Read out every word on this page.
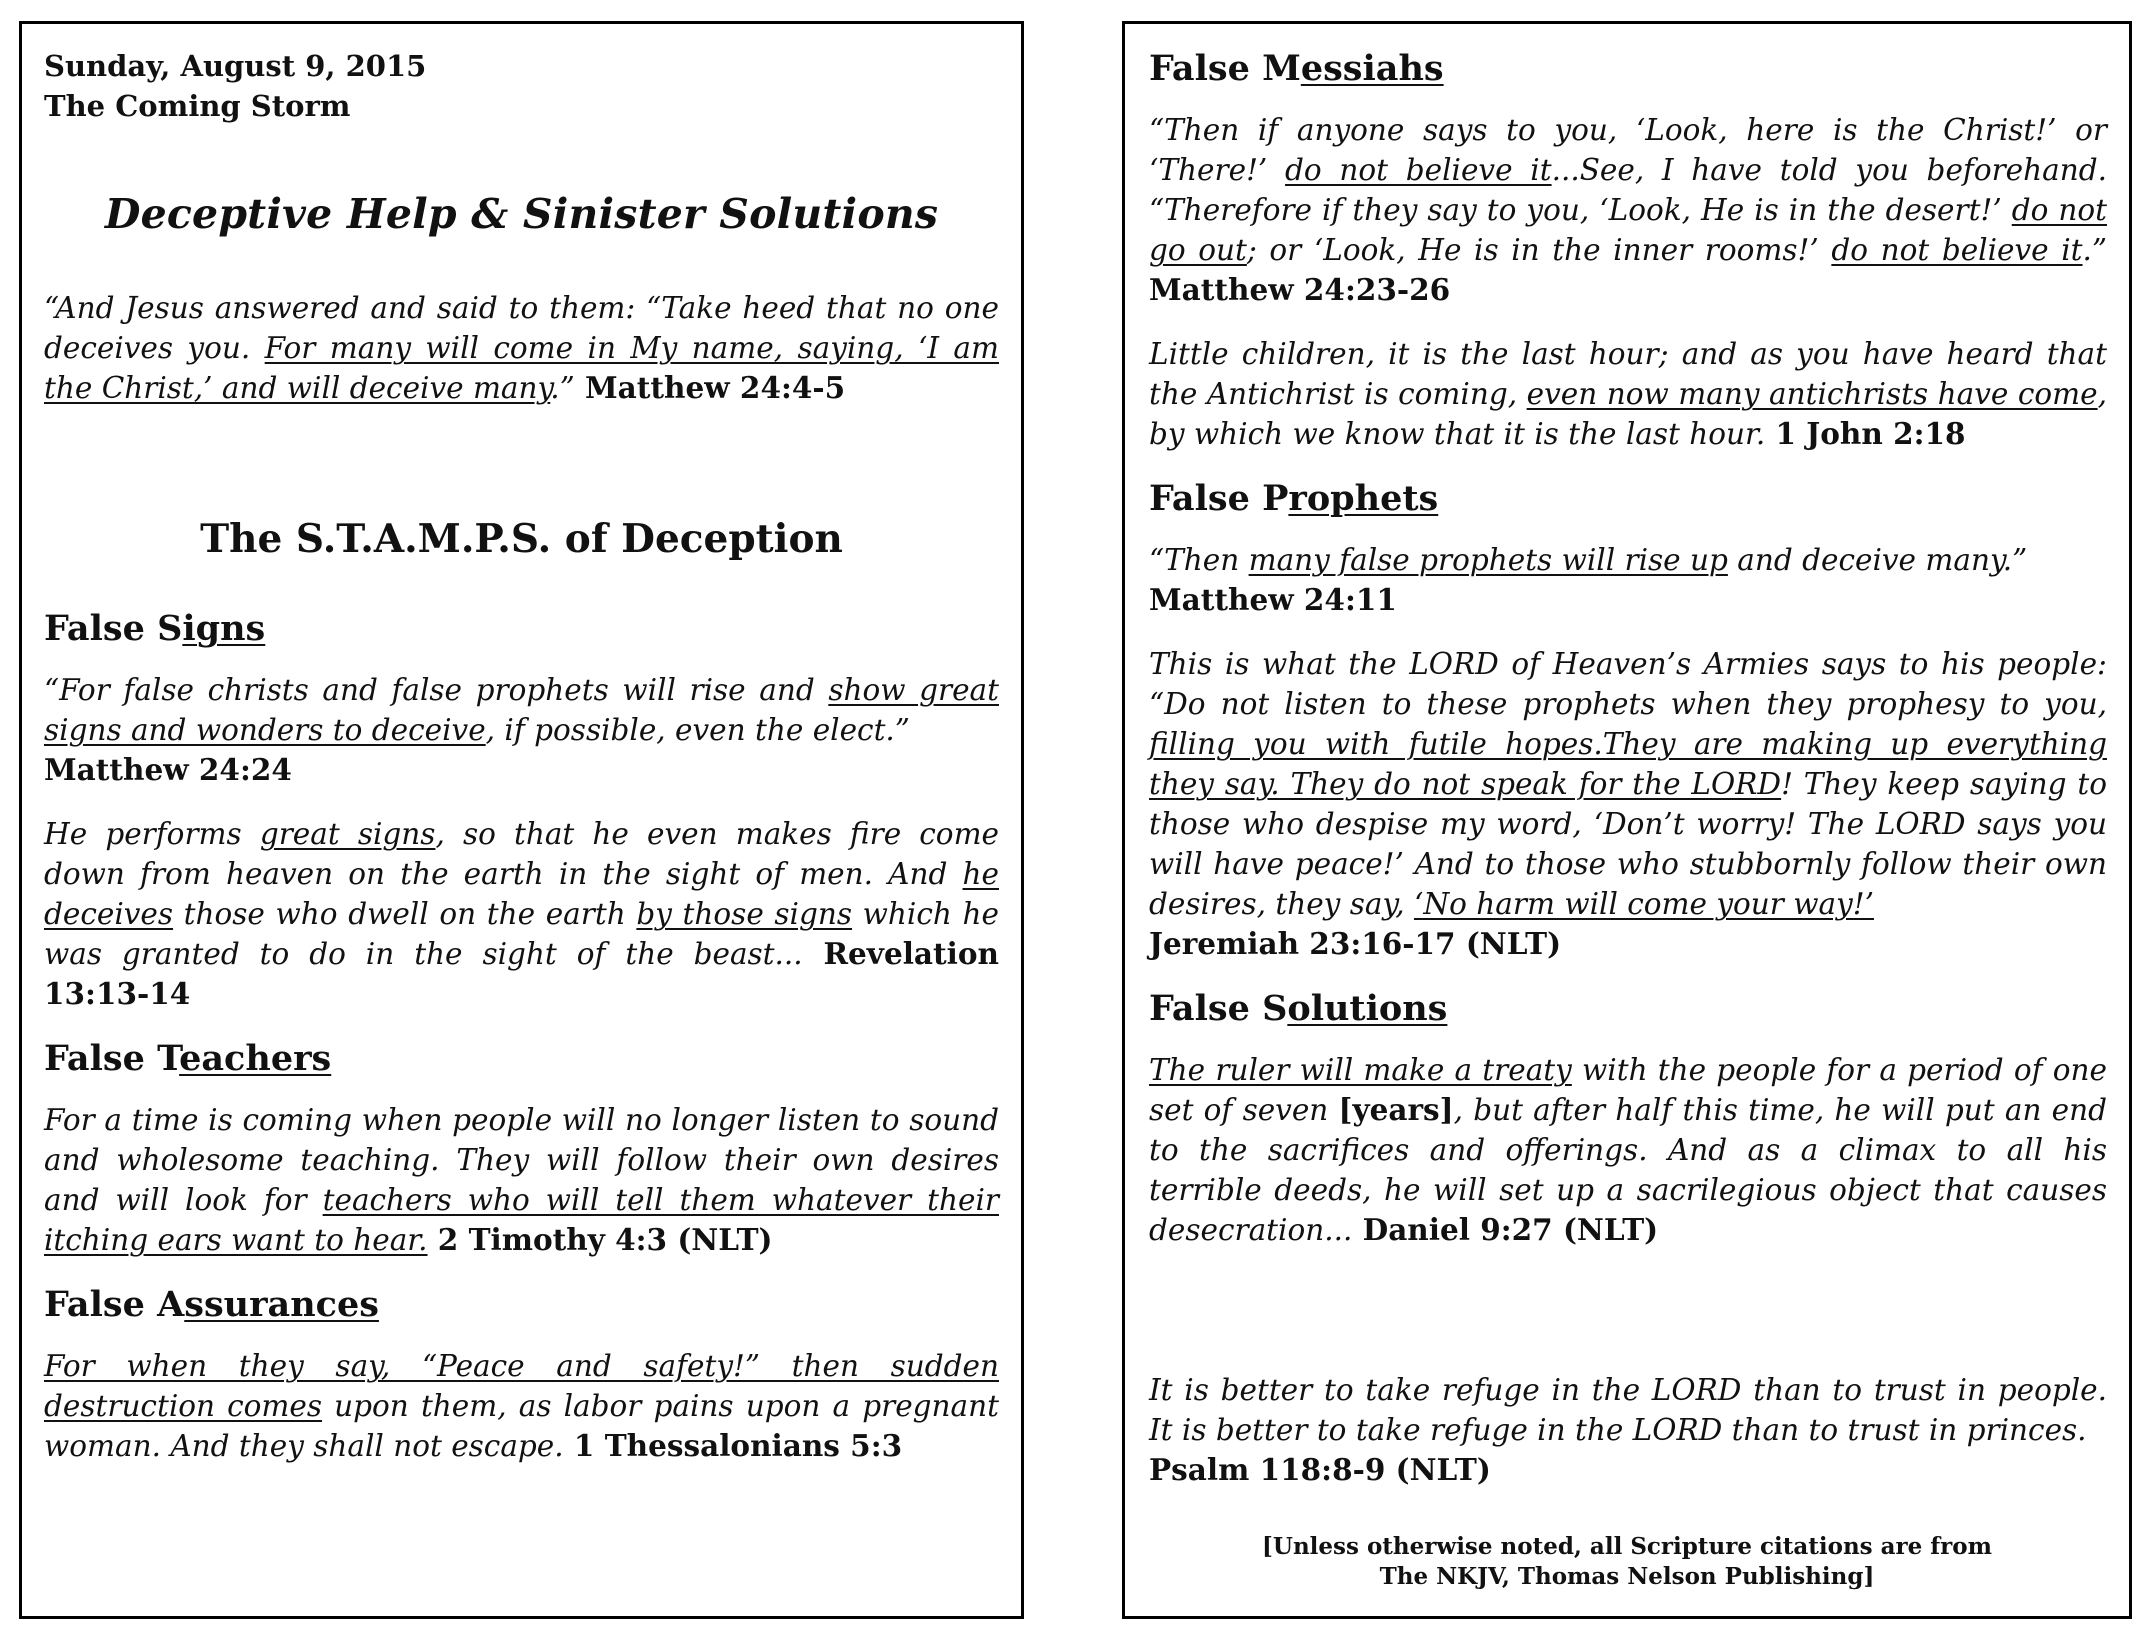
Sunday, August 9, 2015
The Coming Storm
Deceptive Help & Sinister Solutions

“And Jesus answered and said to them: “Take heed that no one deceives you. For many will come in My name, saying, ‘I am the Christ,’ and will deceive many.” Matthew 24:4-5

The S.T.A.M.P.S. of Deception
False Signs

“For false christs and false prophets will rise and show great signs and wonders to deceive, if possible, even the elect.”
Matthew 24:24

He performs great signs, so that he even makes fire come down from heaven on the earth in the sight of men. And he deceives those who dwell on the earth by those signs which he was granted to do in the sight of the beast... Revelation 13:13-14

False Teachers

For a time is coming when people will no longer listen to sound and wholesome teaching. They will follow their own desires and will look for teachers who will tell them whatever their itching ears want to hear. 2 Timothy 4:3 (NLT)

False Assurances

For when they say, “Peace and safety!” then sudden destruction comes upon them, as labor pains upon a pregnant woman. And they shall not escape. 1 Thessalonians 5:3

False Messiahs

“Then if anyone says to you, ‘Look, here is the Christ!’ or ‘There!’ do not believe it...See, I have told you beforehand. “Therefore if they say to you, ‘Look, He is in the desert!’ do not go out; or ‘Look, He is in the inner rooms!’ do not believe it.” Matthew 24:23-26

Little children, it is the last hour; and as you have heard that the Antichrist is coming, even now many antichrists have come, by which we know that it is the last hour. 1 John 2:18

False Prophets

“Then many false prophets will rise up and deceive many.”
Matthew 24:11

This is what the LORD of Heaven’s Armies says to his people: “Do not listen to these prophets when they prophesy to you, filling you with futile hopes.They are making up everything they say. They do not speak for the LORD! They keep saying to those who despise my word, ‘Don’t worry! The LORD says you will have peace!’ And to those who stubbornly follow their own desires, they say, ‘No harm will come your way!’
Jeremiah 23:16-17 (NLT)

False Solutions

The ruler will make a treaty with the people for a period of one set of seven [years], but after half this time, he will put an end to the sacrifices and offerings. And as a climax to all his terrible deeds, he will set up a sacrilegious object that causes desecration... Daniel 9:27 (NLT)

It is better to take refuge in the LORD than to trust in people. It is better to take refuge in the LORD than to trust in princes.
Psalm 118:8-9 (NLT)

[Unless otherwise noted, all Scripture citations are from
The NKJV, Thomas Nelson Publishing]
